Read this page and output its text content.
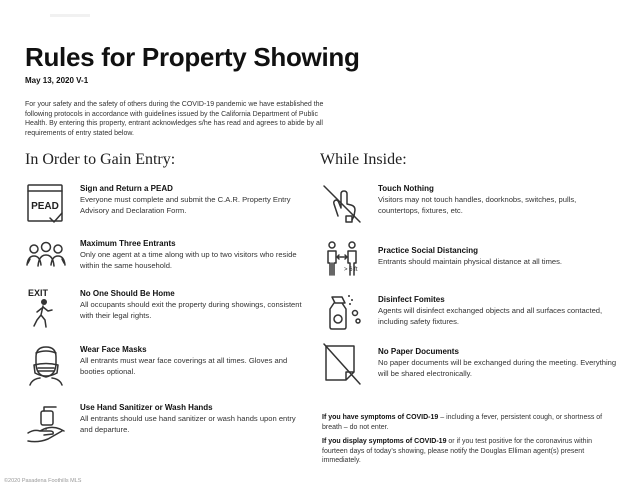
Rules for Property Showing
May 13, 2020 V-1
For your safety and the safety of others during the COVID-19 pandemic we have established the following protocols in accordance with guidelines issued by the California Department of Public Health. By entering this property, entrant acknowledges s/he has read and agrees to abide by all requirements of entry stated below.
In Order to Gain Entry:	While Inside:
PEAD
Sign and Return a PEAD
Everyone must complete and submit the C.A.R. Property Entry Advisory and Declaration Form.
Maximum Three Entrants
Only one agent at a time along with up to two visitors who reside within the same household.
EXIT	No One Should Be Home
All occupants should exit the property during showings, consistent with their legal rights.
Wear Face Masks
All entrants must wear face coverings at all times. Gloves and booties optional.
Use Hand Sanitizer or Wash Hands
All entrants should use hand sanitizer or wash hands upon entry and departure.
Touch Nothing
Visitors may not touch handles, doorknobs, switches, pulls, countertops, fixtures, etc.
> 6 ft
Practice Social Distancing
Entrants should maintain physical distance at all times.
Disinfect Fomites
Agents will disinfect exchanged objects and all surfaces contacted, including safety fixtures.
No Paper Documents
No paper documents will be exchanged during the meeting. Everything will be shared electronically.

If you have symptoms of COVID-19 – including a fever, persistent cough, or shortness of breath – do not enter.

If you display symptoms of COVID-19 or if you test positive for the coronavirus within fourteen days of today’s showing, please notify the Douglas Elliman agent(s) present immediately.

©2020 Pasadena Foothills MLS
